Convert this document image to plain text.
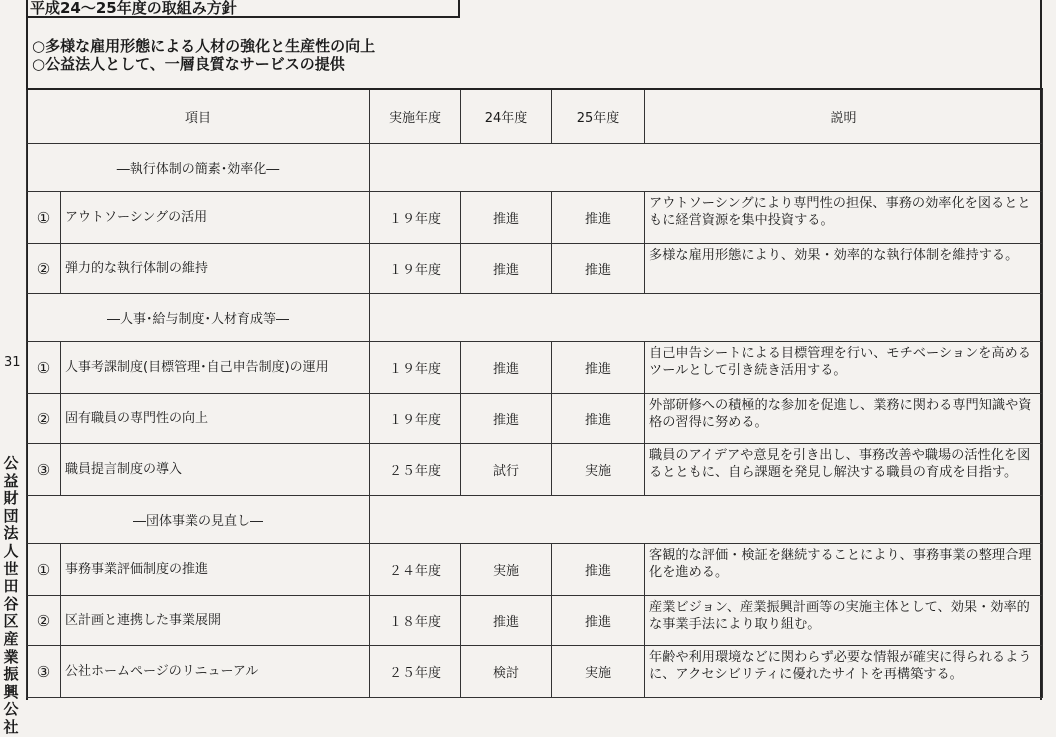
31
公益財団法人世田谷区産業振興公社
平成24～25年度の取組み方針
○多様な雇用形態による人材の強化と生産性の向上
○公益法人として、一層良質なサービスの提供
項目		実施年度	24年度	25年度	説明
―執行体制の簡素･効率化―					
①	アウトソーシングの活用	１９年度	推進	推進	アウトソーシングにより専門性の担保、事務の効率化を図るとともに経営資源を集中投資する。
②	弾力的な執行体制の維持	１９年度	推進	推進	多様な雇用形態により、効果・効率的な執行体制を維持する。
―人事･給与制度･人材育成等―					
①	人事考課制度(目標管理･自己申告制度)の運用	１９年度	推進	推進	自己申告シートによる目標管理を行い、モチベーションを高めるツールとして引き続き活用する。
②	固有職員の専門性の向上	１９年度	推進	推進	外部研修への積極的な参加を促進し、業務に関わる専門知識や資格の習得に努める。
③	職員提言制度の導入	２５年度	試行	実施	職員のアイデアや意見を引き出し、事務改善や職場の活性化を図るとともに、自ら課題を発見し解決する職員の育成を目指す。
―団体事業の見直し―					
①	事務事業評価制度の推進	２４年度	実施	推進	客観的な評価・検証を継続することにより、事務事業の整理合理化を進める。
②	区計画と連携した事業展開	１８年度	推進	推進	産業ビジョン、産業振興計画等の実施主体として、効果・効率的な事業手法により取り組む。
③	公社ホームページのリニューアル	２５年度	検討	実施	年齢や利用環境などに関わらず必要な情報が確実に得られるように、アクセシビリティに優れたサイトを再構築する。
